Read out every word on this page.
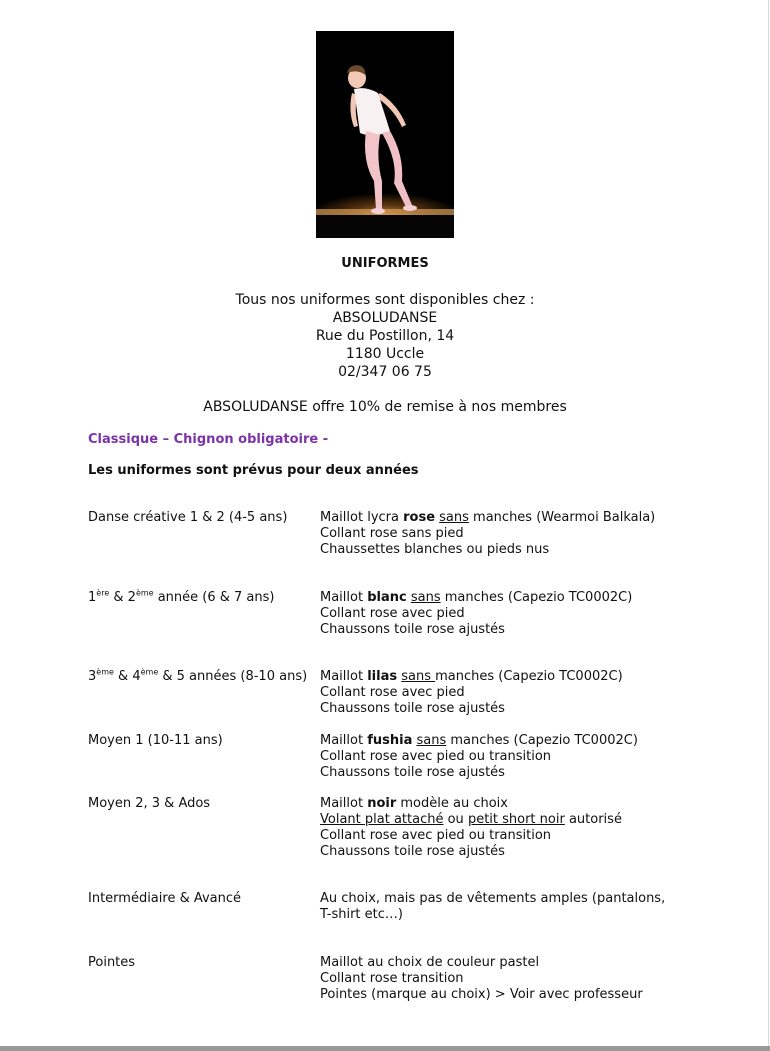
UNIFORMES
Tous nos uniformes sont disponibles chez :
ABSOLUDANSE
Rue du Postillon, 14
1180 Uccle
02/347 06 75
ABSOLUDANSE offre 10% de remise à nos membres
Classique – Chignon obligatoire -
Les uniformes sont prévus pour deux années
Danse créative 1 & 2 (4-5 ans)	Maillot lycra rose sans manches (Wearmoi Balkala)
Collant rose sans pied
Chaussettes blanches ou pieds nus
1ère & 2ème année (6 & 7 ans)	Maillot blanc sans manches (Capezio TC0002C)
Collant rose avec pied
Chaussons toile rose ajustés
3ème & 4ème & 5 années (8-10 ans) Maillot lilas sans manches (Capezio TC0002C)
Collant rose avec pied
Chaussons toile rose ajustés
Moyen 1 (10-11 ans)	Maillot fushia sans manches (Capezio TC0002C)
Collant rose avec pied ou transition
Chaussons toile rose ajustés
Moyen 2, 3 & Ados	Maillot noir modèle au choix
Volant plat attaché ou petit short noir autorisé
Collant rose avec pied ou transition
Chaussons toile rose ajustés
Intermédiaire & Avancé	Au choix, mais pas de vêtements amples (pantalons,
T-shirt etc…)
Pointes	Maillot au choix de couleur pastel
Collant rose transition
Pointes (marque au choix) > Voir avec professeur
